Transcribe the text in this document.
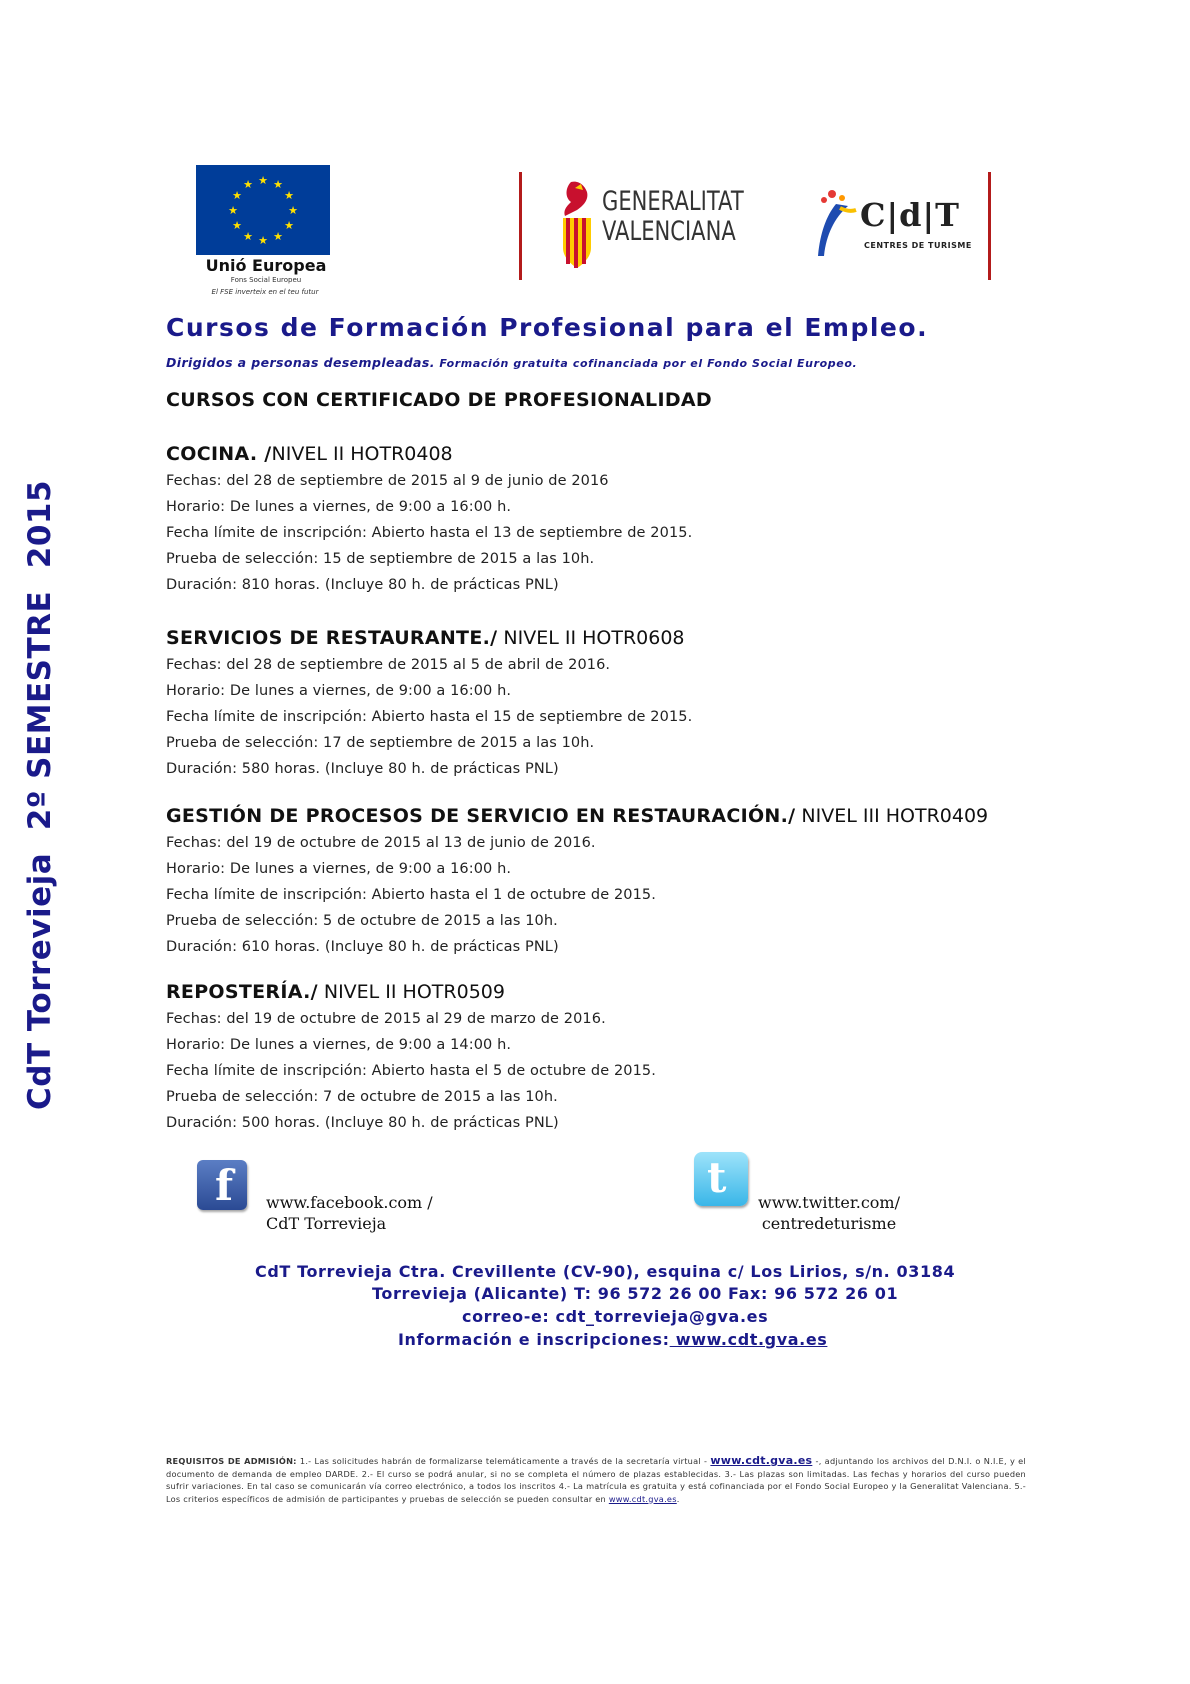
CdT Torrevieja  2º SEMESTRE  2015
★ ★
★
★
★
★
★
★
★
★
★
★
Unió Europea
Fons Social Europeu
El FSE inverteix en el teu futur
GENERALITAT
VALENCIANA	C|d|T
CENTRES DE TURISME
Cursos de Formación Profesional para el Empleo.
Dirigidos a personas desempleadas. Formación gratuita cofinanciada por el Fondo Social Europeo.
CURSOS CON CERTIFICADO DE PROFESIONALIDAD
COCINA. /NIVEL II HOTR0408
Fechas: del 28 de septiembre de 2015 al 9 de junio de 2016
Horario: De lunes a viernes, de 9:00 a 16:00 h.
Fecha límite de inscripción: Abierto hasta el 13 de septiembre de 2015.
Prueba de selección: 15 de septiembre de 2015 a las 10h.
Duración: 810 horas. (Incluye 80 h. de prácticas PNL)
SERVICIOS DE RESTAURANTE./ NIVEL II HOTR0608
Fechas: del 28 de septiembre de 2015 al 5 de abril de 2016.
Horario: De lunes a viernes, de 9:00 a 16:00 h.
Fecha límite de inscripción: Abierto hasta el 15 de septiembre de 2015.
Prueba de selección: 17 de septiembre de 2015 a las 10h.
Duración: 580 horas. (Incluye 80 h. de prácticas PNL)
GESTIÓN DE PROCESOS DE SERVICIO EN RESTAURACIÓN./ NIVEL III HOTR0409
Fechas: del 19 de octubre de 2015 al 13 de junio de 2016.
Horario: De lunes a viernes, de 9:00 a 16:00 h.
Fecha límite de inscripción: Abierto hasta el 1 de octubre de 2015.
Prueba de selección: 5 de octubre de 2015 a las 10h.
Duración: 610 horas. (Incluye 80 h. de prácticas PNL)
REPOSTERÍA./ NIVEL II HOTR0509
Fechas: del 19 de octubre de 2015 al 29 de marzo de 2016.
Horario: De lunes a viernes, de 9:00 a 14:00 h.
Fecha límite de inscripción: Abierto hasta el 5 de octubre de 2015.
Prueba de selección: 7 de octubre de 2015 a las 10h.
Duración: 500 horas. (Incluye 80 h. de prácticas PNL)
f www.facebook.com /
CdT Torrevieja
t
www.twitter.com/
centredeturisme
CdT Torrevieja Ctra. Crevillente (CV-90), esquina c/ Los Lirios, s/n. 03184
Torrevieja (Alicante) T: 96 572 26 00 Fax: 96 572 26 01
correo-e: cdt_torrevieja@gva.es
Información e inscripciones: www.cdt.gva.es
REQUISITOS DE ADMISIÓN: 1.- Las solicitudes habrán de formalizarse telemáticamente a través de la secretaría virtual - www.cdt.gva.es -, adjuntando los archivos del D.N.I. o N.I.E, y el documento de demanda de empleo DARDE. 2.- El curso se podrá anular, si no se completa el número de plazas establecidas. 3.- Las plazas son limitadas. Las fechas y horarios del curso pueden sufrir variaciones. En tal caso se comunicarán vía correo electrónico, a todos los inscritos 4.- La matrícula es gratuita y está cofinanciada por el Fondo Social Europeo y la Generalitat Valenciana. 5.-Los criterios específicos de admisión de participantes y pruebas de selección se pueden consultar en www.cdt.gva.es.
